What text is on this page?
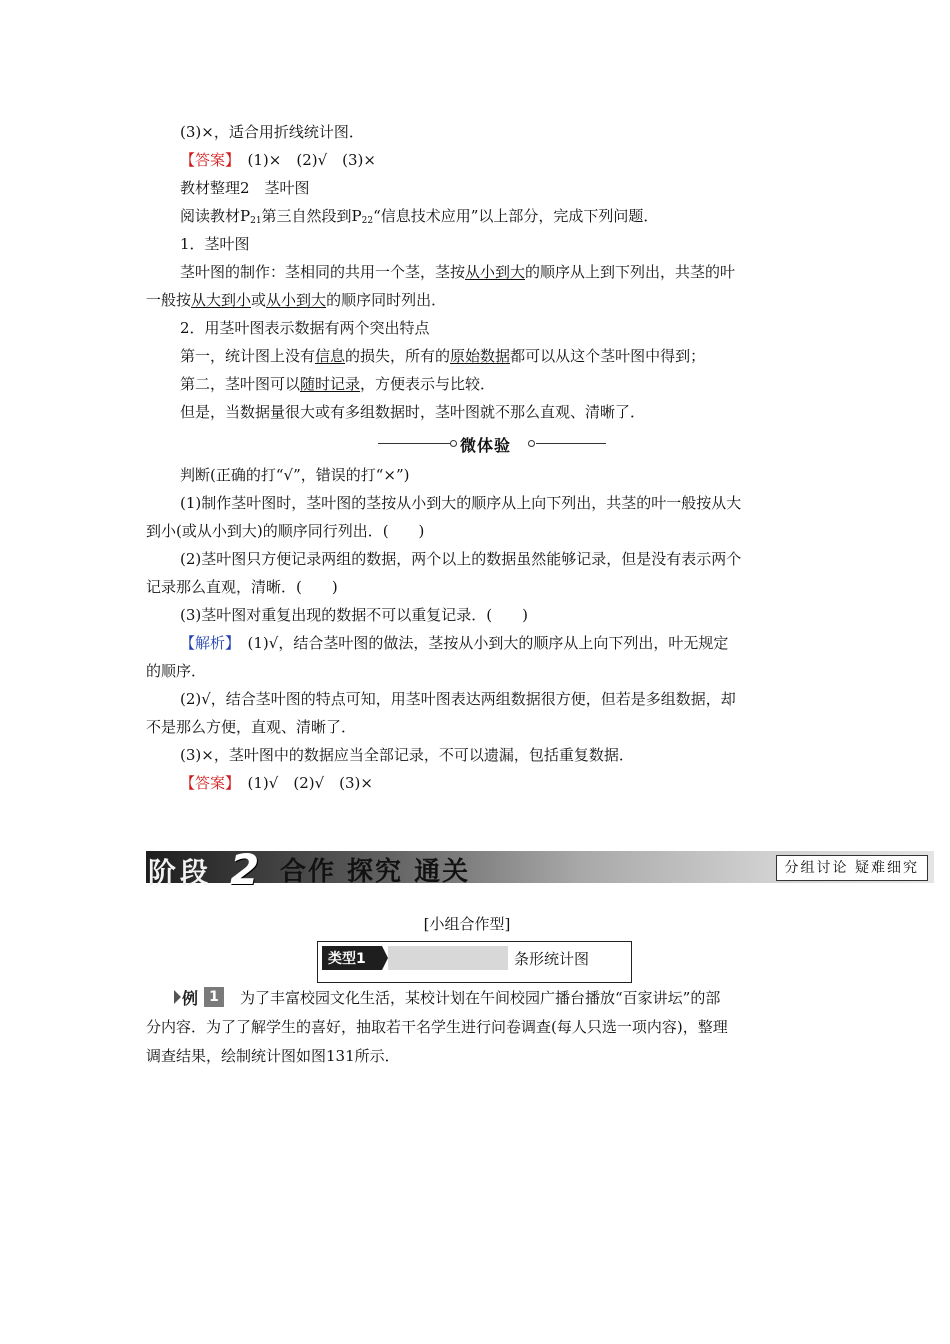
(3)×，适合用折线统计图．
【答案】　 (1)×　(2)√　(3)×
教材整理2　茎叶图
阅读教材$P_{21}$第三自然段到$P_{22}“$信息技术应用”以上部分，完成下列问题．
1．茎叶图
茎叶图的制作：茎相同的共用一个茎，茎按从小到大的顺序从上到下列出，共茎的叶
一般按从大到小或从小到大的顺序同时列出．
2．用茎叶图表示数据有两个突出特点
第一，统计图上没有信息的损失，所有的原始数据都可以从这个茎叶图中得到；
第二，茎叶图可以随时记录，方便表示与比较．
但是，当数据量很大或有多组数据时，茎叶图就不那么直观、清晰了．
微体验
判断(正确的打“√”，错误的打“×”)
(1)制作茎叶图时，茎叶图的茎按从小到大的顺序从上向下列出，共茎的叶一般按从大
到小(或从小到大)的顺序同行列出．(　　)
(2)茎叶图只方便记录两组的数据，两个以上的数据虽然能够记录，但是没有表示两个
记录那么直观，清晰．(　　)
(3)茎叶图对重复出现的数据不可以重复记录．(　　)
【解析】　 (1)√，结合茎叶图的做法，茎按从小到大的顺序从上向下列出，叶无规定
的顺序．
(2)√，结合茎叶图的特点可知，用茎叶图表达两组数据很方便，但若是多组数据，却
不是那么方便，直观、清晰了．
(3)×，茎叶图中的数据应当全部记录，不可以遗漏，包括重复数据．
【答案】　 (1)√　(2)√　(3)×
阶段 2 合作 探究 通关	分组讨论 疑难细究
[小组合作型]
类型1	条形统计图
例 1	为了丰富校园文化生活，某校计划在午间校园广播台播放“百家讲坛”的部
分内容．为了了解学生的喜好，抽取若干名学生进行问卷调查(每人只选一项内容)，整理
调查结果，绘制统计图如图131所示．
